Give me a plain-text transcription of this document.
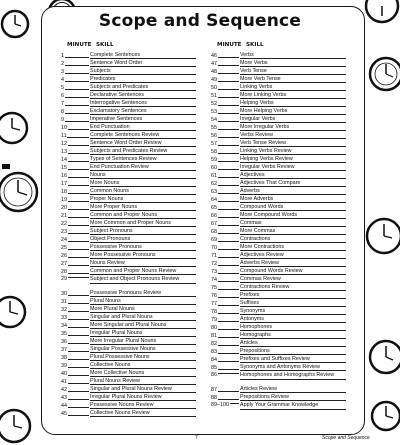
Scope and Sequence
MINUTE SKILL
1	Complete Sentences
2	Sentence Word Order
3	Subjects
4	Predicates
5	Subjects and Predicates
6	Declarative Sentences
7	Interrogative Sentences
8	Exclamatory Sentences
9	Imperative Sentences
10	End Punctuation
11	Complete Sentences Review
12	Sentence Word Order Review
13	Subjects and Predicates Review
14	Types of Sentences Review
15	End Punctuation Review
16	Nouns
17	More Nouns
18	Common Nouns
19	Proper Nouns
20	More Proper Nouns
21	Common and Proper Nouns
22	More Common and Proper Nouns
23	Subject Pronouns
24	Object Pronouns
25	Possessive Pronouns
26	More Possessive Pronouns
27	Nouns Review
28	Common and Proper Nouns Review
29	Subject and Object Pronouns Review
30	Possessive Pronouns Review
31	Plural Nouns
32	More Plural Nouns
33	Singular and Plural Nouns
34	More Singular and Plural Nouns
35	Irregular Plural Nouns
36	More Irregular Plural Nouns
37	Singular Possessive Nouns
38	Plural Possessive Nouns
39	Collective Nouns
40	More Collective Nouns
41	Plural Nouns Review
42	Singular and Plural Nouns Review
43	Irregular Plural Nouns Review
44	Possessive Nouns Review
45	Collective Nouns Review
MINUTE SKILL
46	Verbs
47	More Verbs
48	Verb Tense
49	More Verb Tense
50	Linking Verbs
51	More Linking Verbs
52	Helping Verbs
53	More Helping Verbs
54	Irregular Verbs
55	More Irregular Verbs
56	Verbs Review
57	Verb Tense Review
58	Linking Verbs Review
59	Helping Verbs Review
60	Irregular Verbs Review
61	Adjectives
62	Adjectives That Compare
63	Adverbs
64	More Adverbs
65	Compound Words
66	More Compound Words
67	Commas
68	More Commas
69	Contractions
70	More Contractions
71	Adjectives Review
72	Adverbs Review
73	Compound Words Review
74	Commas Review
75	Contractions Review
76	Prefixes
77	Suffixes
78	Synonyms
79	Antonyms
80	Homophones
81	Homographs
82	Articles
83	Prepositions
84	Prefixes and Suffixes Review
85	Synonyms and Antonyms Review
86	Homophones and Homographs Review
87	Articles Review
88	Prepositions Review
89–100 Apply Your Grammar Knowledge
7	Scope and Sequence
